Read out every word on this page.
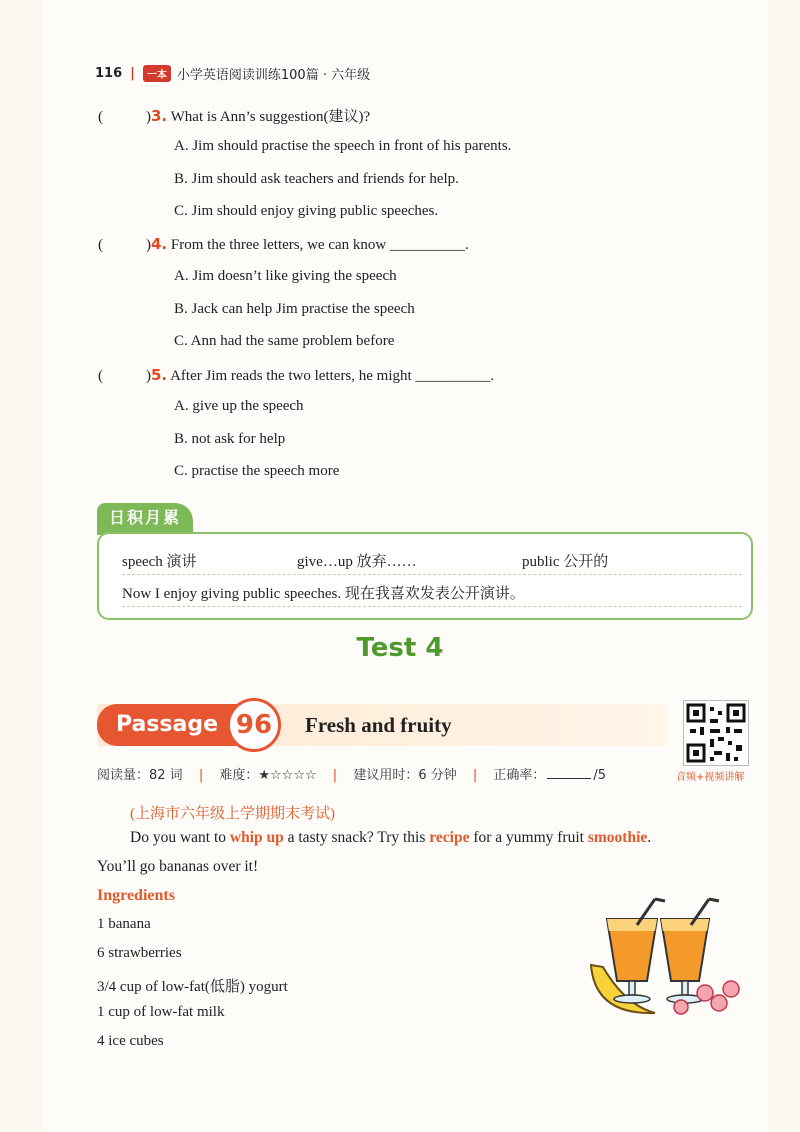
116 |	一本 小学英语阅读训练100篇 · 六年级
(	)3. What is Ann’s suggestion(建议)?
A. Jim should practise the speech in front of his parents.
B. Jim should ask teachers and friends for help.
C. Jim should enjoy giving public speeches.
(	)4. From the three letters, we can know __________.
A. Jim doesn’t like giving the speech
B. Jack can help Jim practise the speech
C. Ann had the same problem before
(	)5. After Jim reads the two letters, he might __________.
A. give up the speech
B. not ask for help
C. practise the speech more
日积月累
speech 演讲	give…up 放弃……	public 公开的
Now I enjoy giving public speeches. 现在我喜欢发表公开演讲。
Test 4
Passage 96	Fresh and fruity
音频+视频讲解
阅读量：82 词 | 难度：★☆☆☆☆ | 建议用时：6 分钟 | 正确率：	/5
(上海市六年级上学期期末考试)
Do you want to whip up a tasty snack? Try this recipe for a yummy fruit smoothie.
You’ll go bananas over it!
Ingredients
1 banana
6 strawberries
3/4 cup of low-fat(低脂) yogurt
1 cup of low-fat milk
4 ice cubes
